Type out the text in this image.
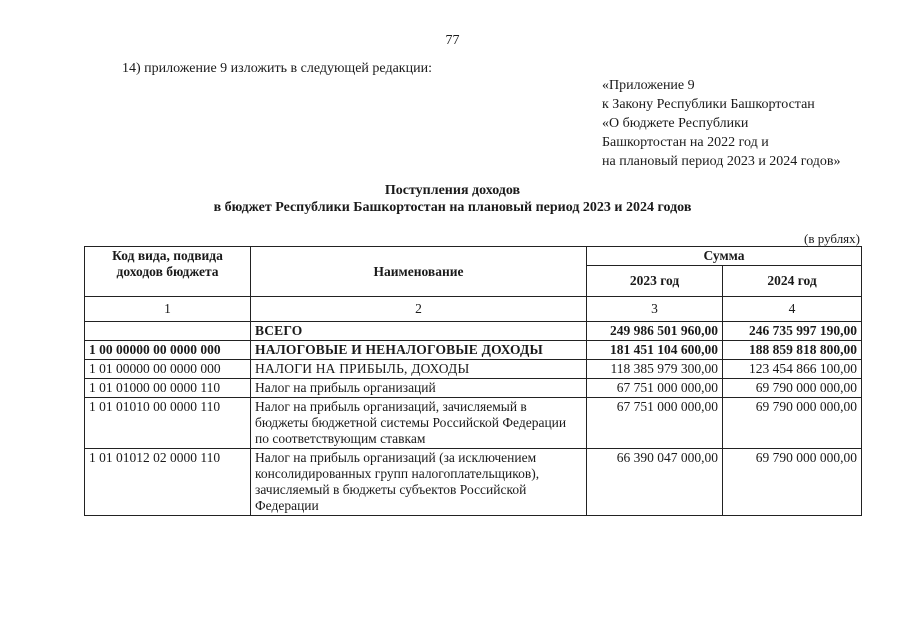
77
14) приложение 9 изложить в следующей редакции:
«Приложение 9
к Закону Республики Башкортостан
«О бюджете Республики
Башкортостан на 2022 год и
на плановый период 2023 и 2024 годов»
Поступления доходов
в бюджет Республики Башкортостан на плановый период 2023 и 2024 годов
(в рублях)
Код вида, подвида доходов бюджета	Наименование	Сумма	
		2023 год	2024 год
1	2	3	4
	ВСЕГО	249 986 501 960,00	246 735 997 190,00
1 00 00000 00 0000 000	НАЛОГОВЫЕ И НЕНАЛОГОВЫЕ ДОХОДЫ	181 451 104 600,00	188 859 818 800,00
1 01 00000 00 0000 000	НАЛОГИ НА ПРИБЫЛЬ, ДОХОДЫ	118 385 979 300,00	123 454 866 100,00
1 01 01000 00 0000 110	Налог на прибыль организаций	67 751 000 000,00	69 790 000 000,00
1 01 01010 00 0000 110	Налог на прибыль организаций, зачисляемый в бюджеты бюджетной системы Российской Федерации по соответствующим ставкам	67 751 000 000,00	69 790 000 000,00
1 01 01012 02 0000 110	Налог на прибыль организаций (за исключением консолидированных групп налогоплательщиков), зачисляемый в бюджеты субъектов Российской Федерации	66 390 047 000,00	69 790 000 000,00
